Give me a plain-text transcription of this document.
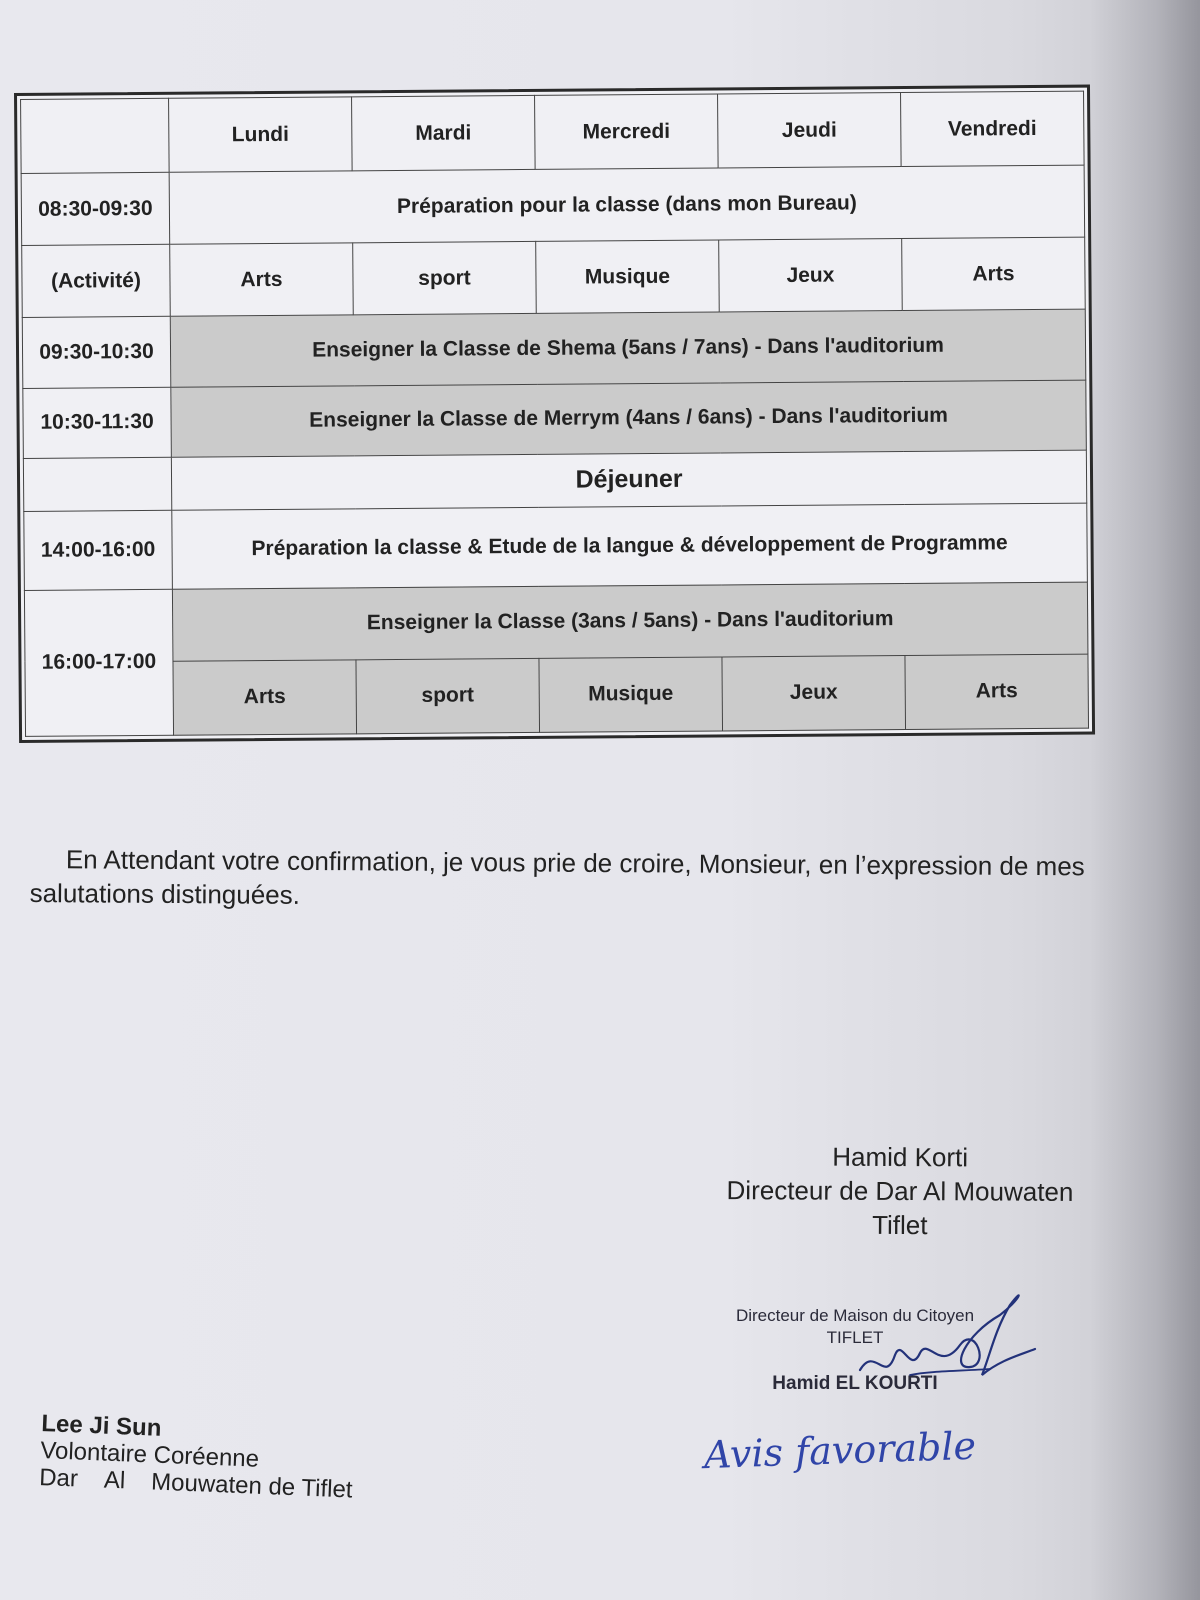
	Lundi	Mardi	Mercredi	Jeudi	Vendredi
08:30-09:30	Préparation pour la classe (dans mon Bureau)				
(Activité)	Arts	sport	Musique	Jeux	Arts
09:30-10:30	Enseigner la Classe de Shema (5ans / 7ans) - Dans l'auditorium				
10:30-11:30	Enseigner la Classe de Merrym (4ans / 6ans) - Dans l'auditorium				
	Déjeuner				
14:00-16:00	Préparation la classe & Etude de la langue & développement de Programme				
16:00-17:00	Enseigner la Classe (3ans / 5ans) - Dans l'auditorium				
	Arts	sport	Musique	Jeux	Arts

En Attendant votre confirmation, je vous prie de croire, Monsieur, en l’expression de mes salutations distinguées.

Hamid Korti
Directeur de Dar Al Mouwaten
Tiflet
Directeur de Maison du Citoyen
TIFLET
Hamid EL KOURTI
Avis favorable
Lee Ji Sun
Volontaire Coréenne
Dar Al Mouwaten de Tiflet
